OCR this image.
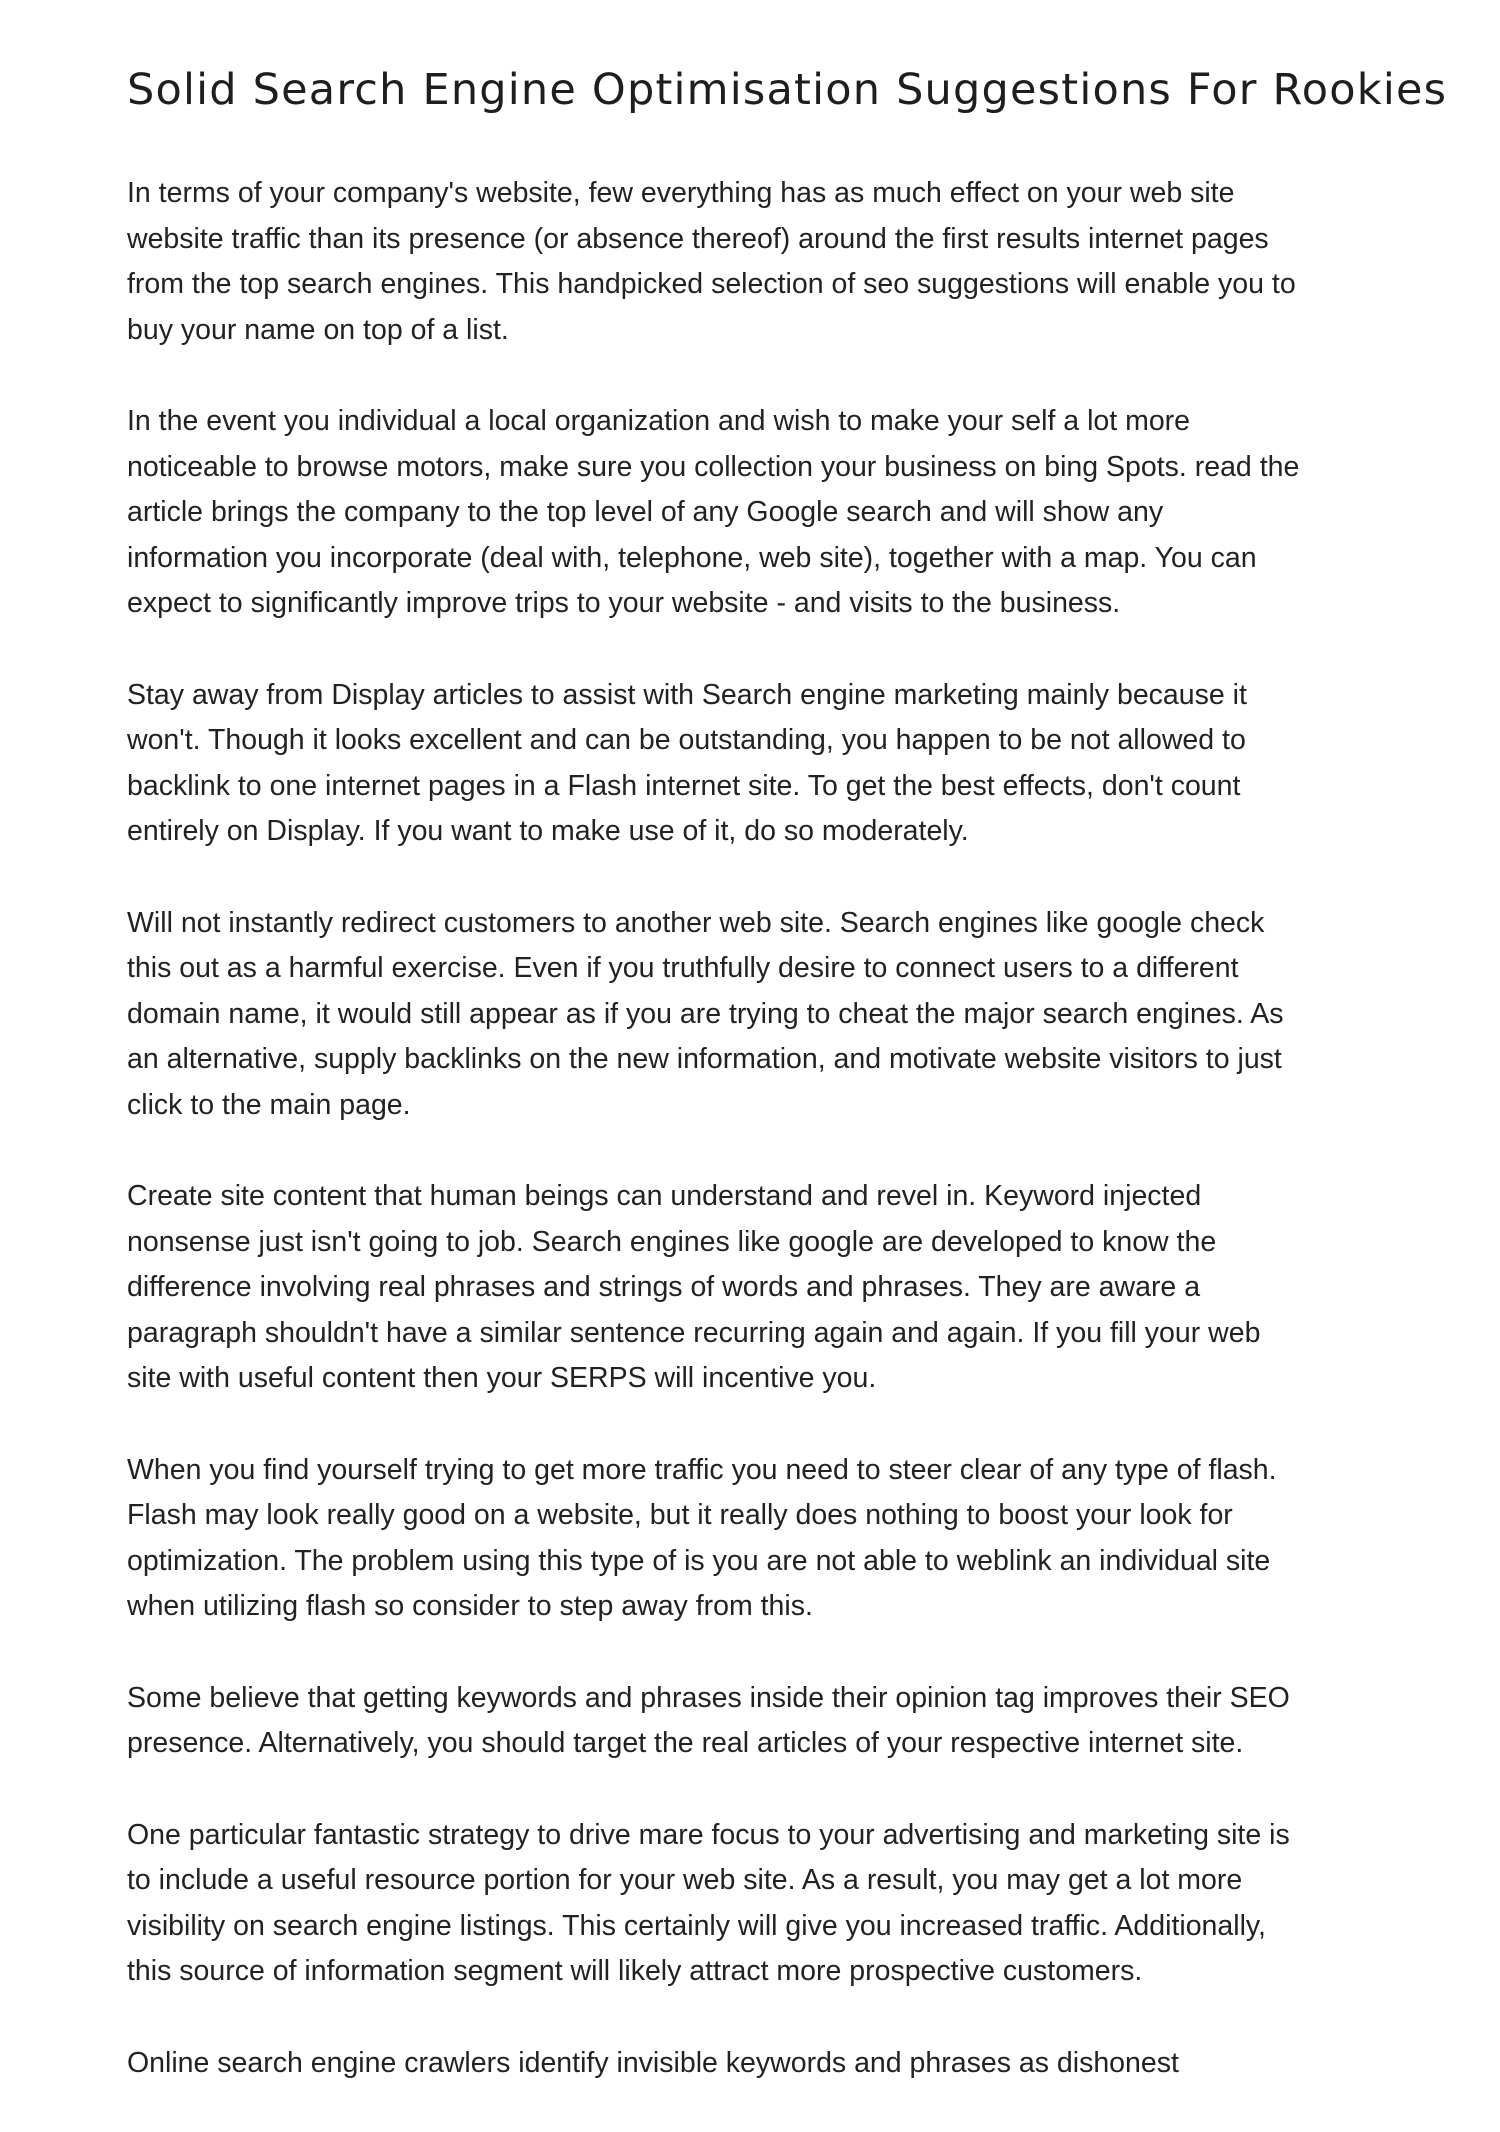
Solid Search Engine Optimisation Suggestions For Rookies

In terms of your company's website, few everything has as much effect on your web site
website traffic than its presence (or absence thereof) around the first results internet pages
from the top search engines. This handpicked selection of seo suggestions will enable you to
buy your name on top of a list.

In the event you individual a local organization and wish to make your self a lot more
noticeable to browse motors, make sure you collection your business on bing Spots. read the
article brings the company to the top level of any Google search and will show any
information you incorporate (deal with, telephone, web site), together with a map. You can
expect to significantly improve trips to your website - and visits to the business.

Stay away from Display articles to assist with Search engine marketing mainly because it
won't. Though it looks excellent and can be outstanding, you happen to be not allowed to
backlink to one internet pages in a Flash internet site. To get the best effects, don't count
entirely on Display. If you want to make use of it, do so moderately.

Will not instantly redirect customers to another web site. Search engines like google check
this out as a harmful exercise. Even if you truthfully desire to connect users to a different
domain name, it would still appear as if you are trying to cheat the major search engines. As
an alternative, supply backlinks on the new information, and motivate website visitors to just
click to the main page.

Create site content that human beings can understand and revel in. Keyword injected
nonsense just isn't going to job. Search engines like google are developed to know the
difference involving real phrases and strings of words and phrases. They are aware a
paragraph shouldn't have a similar sentence recurring again and again. If you fill your web
site with useful content then your SERPS will incentive you.

When you find yourself trying to get more traffic you need to steer clear of any type of flash.
Flash may look really good on a website, but it really does nothing to boost your look for
optimization. The problem using this type of is you are not able to weblink an individual site
when utilizing flash so consider to step away from this.

Some believe that getting keywords and phrases inside their opinion tag improves their SEO
presence. Alternatively, you should target the real articles of your respective internet site.

One particular fantastic strategy to drive mare focus to your advertising and marketing site is
to include a useful resource portion for your web site. As a result, you may get a lot more
visibility on search engine listings. This certainly will give you increased traffic. Additionally,
this source of information segment will likely attract more prospective customers.

Online search engine crawlers identify invisible keywords and phrases as dishonest
